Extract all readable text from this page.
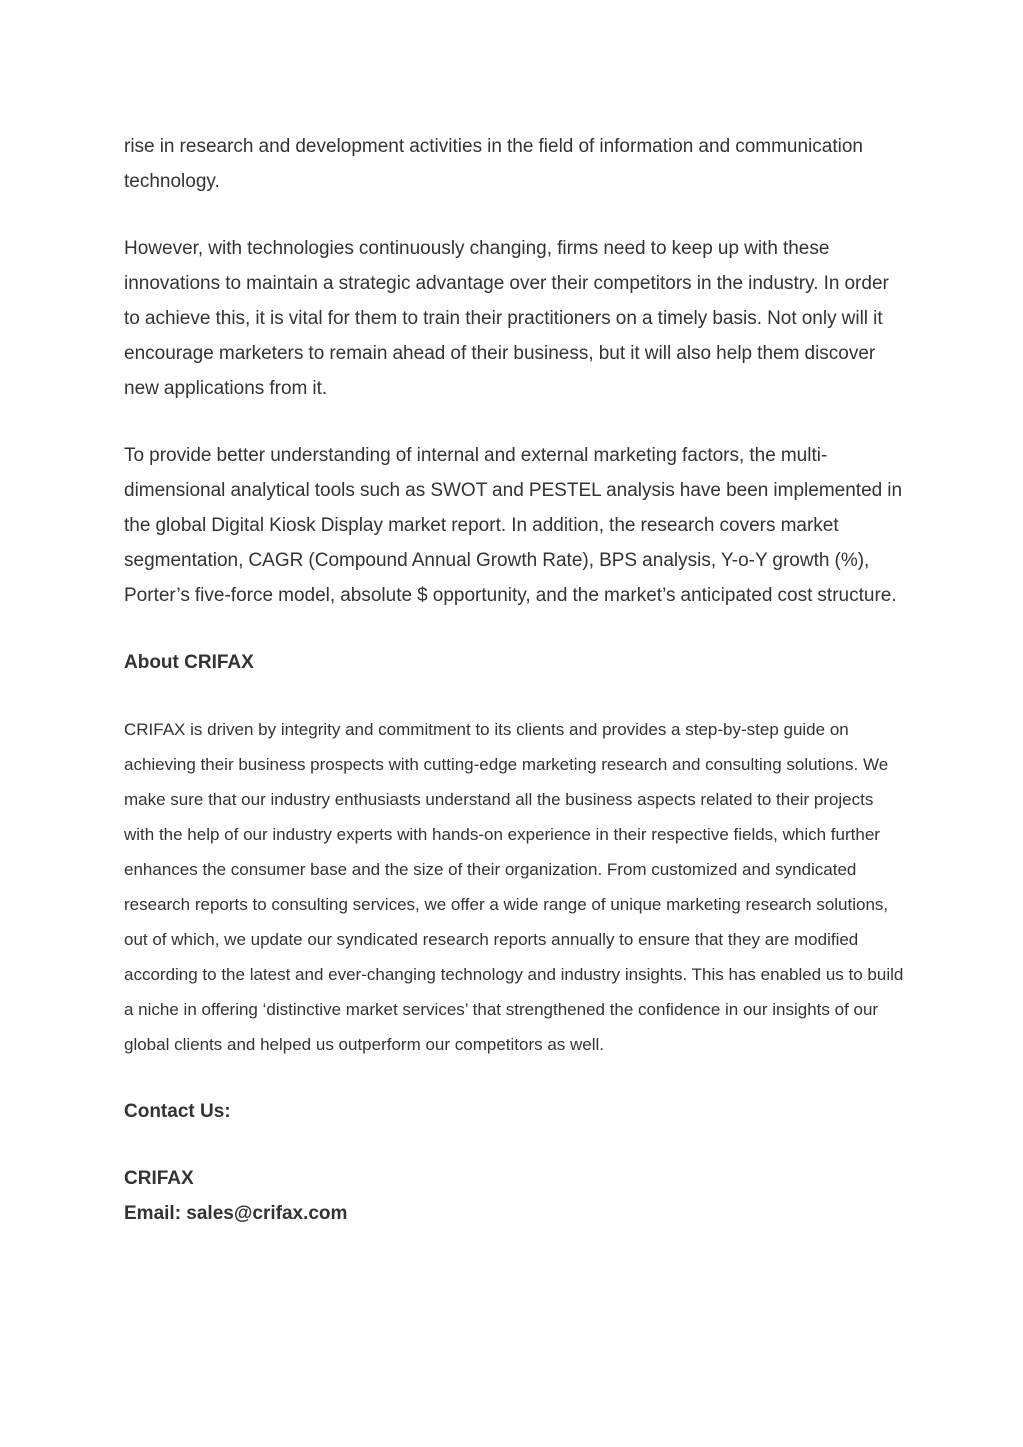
rise in research and development activities in the field of information and communication technology.

However, with technologies continuously changing, firms need to keep up with these innovations to maintain a strategic advantage over their competitors in the industry. In order to achieve this, it is vital for them to train their practitioners on a timely basis. Not only will it encourage marketers to remain ahead of their business, but it will also help them discover new applications from it.

To provide better understanding of internal and external marketing factors, the multi-dimensional analytical tools such as SWOT and PESTEL analysis have been implemented in the global Digital Kiosk Display market report. In addition, the research covers market segmentation, CAGR (Compound Annual Growth Rate), BPS analysis, Y-o-Y growth (%), Porter’s five-force model, absolute $ opportunity, and the market’s anticipated cost structure.

About CRIFAX

CRIFAX is driven by integrity and commitment to its clients and provides a step-by-step guide on achieving their business prospects with cutting-edge marketing research and consulting solutions. We make sure that our industry enthusiasts understand all the business aspects related to their projects with the help of our industry experts with hands-on experience in their respective fields, which further enhances the consumer base and the size of their organization. From customized and syndicated research reports to consulting services, we offer a wide range of unique marketing research solutions, out of which, we update our syndicated research reports annually to ensure that they are modified according to the latest and ever-changing technology and industry insights. This has enabled us to build a niche in offering ‘distinctive market services’ that strengthened the confidence in our insights of our global clients and helped us outperform our competitors as well.

Contact Us:

CRIFAX
Email: sales@crifax.com
